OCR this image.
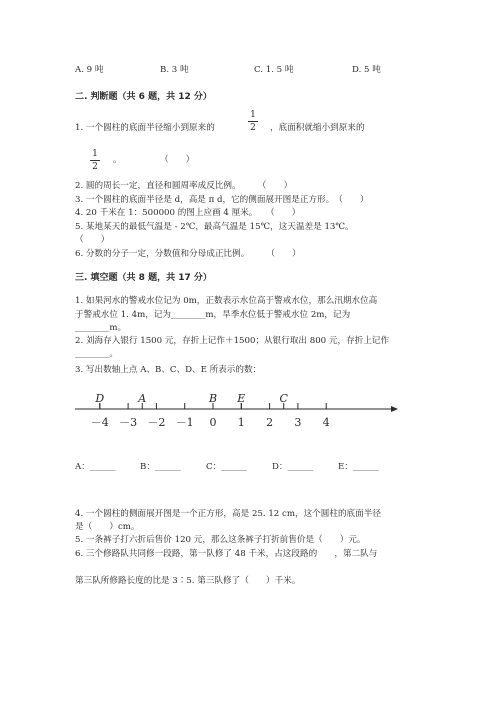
A. 9 吨	B. 3 吨	C. 1. 5 吨	D. 5 吨
二. 判断题（共 6 题，共 12 分）
1. 一个圆柱的底面半径缩小到原来的
1
2 ，底面积就缩小到原来的
1
2
。	（　　）
2. 圆的周长一定，直径和圆周率成反比例。　　　（　　）
3. 一个圆柱的底面半径是 d，高是 π d，它的侧面展开图是正方形。　（　　）
4. 20 千米在 1：500000 的图上应画 4 厘米。　　（　　）
5. 某地某天的最低气温是 - 2℃，最高气温是 15℃，这天温差是 13℃。
（　　）
6. 分数的分子一定，分数值和分母成正比例。　　　（　　）
三. 填空题（共 8 题，共 17 分）
1. 如果河水的警戒水位记为 0m，正数表示水位高于警戒水位，那么汛期水位高
于警戒水位 1. 4m，记为________m，旱季水位低于警戒水位 2m，记为
________m。
2. 刘海存入银行 1500 元，存折上记作＋1500；从银行取出 800 元，存折上记作
________。
3. 写出数轴上点 A、B、C、D、E 所表示的数：
－4 －3 －2 －1 0 1 2 3 4
D	A	B E	C
A：______	B：______	C：______	D：______	E：______
4. 一个圆柱的侧面展开图是一个正方形，高是 25. 12 cm，这个圆柱的底面半径
是（　　）cm。
5. 一条裤子打六折后售价 120 元，那么这条裤子打折前售价是（　　）元。
6. 三个修路队共同修一段路，第一队修了 48 千米，占这段路的　　，第二队与
第三队所修路长度的比是 3∶5. 第三队修了（　　）千米。
